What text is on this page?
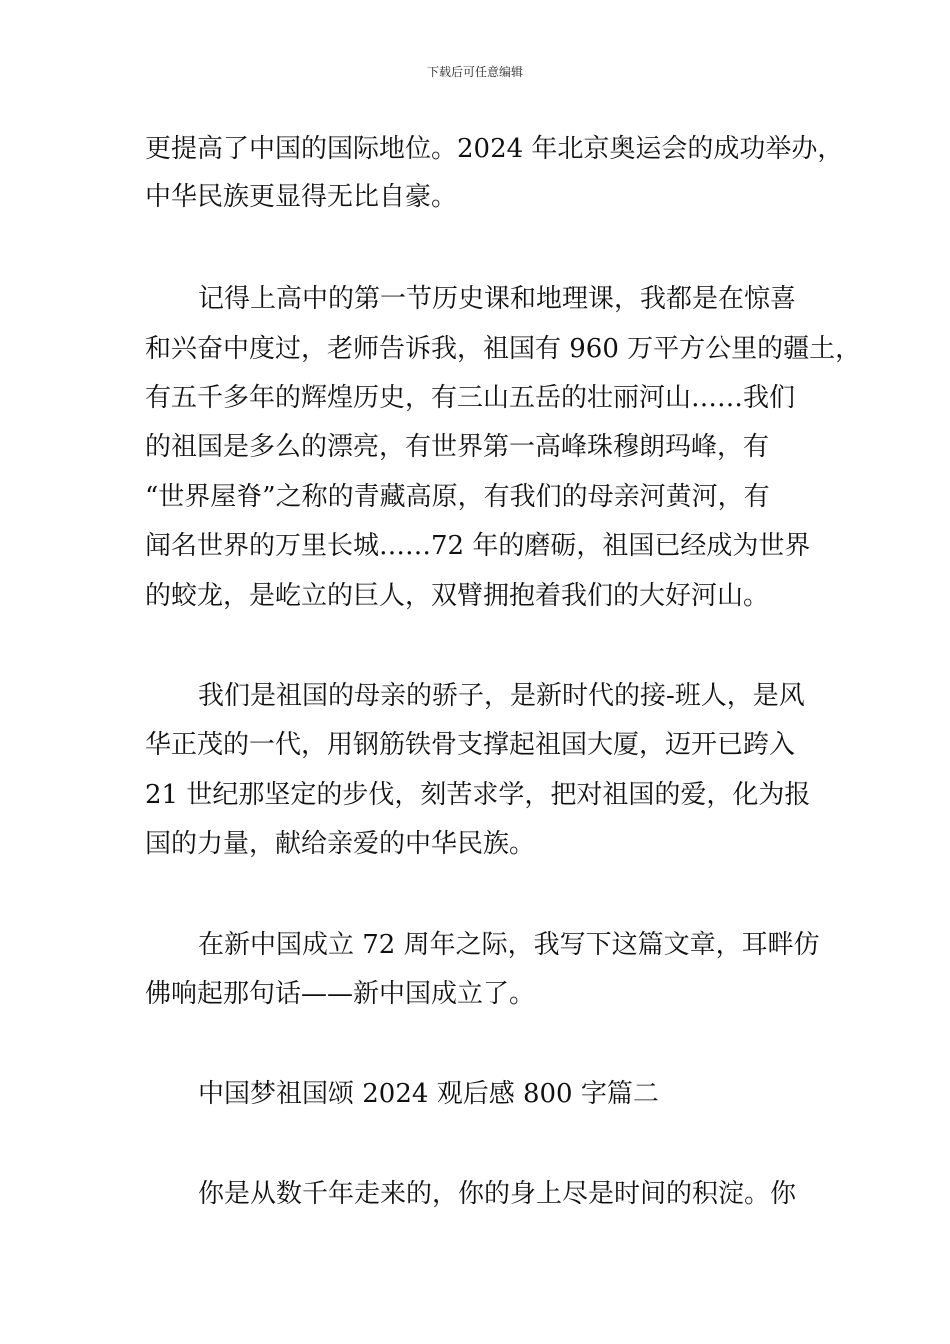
下载后可任意编辑
更提高了中国的国际地位。2024 年北京奥运会的成功举办，
中华民族更显得无比自豪。
记得上高中的第一节历史课和地理课，我都是在惊喜
和兴奋中度过，老师告诉我，祖国有 960 万平方公里的疆土，
有五千多年的辉煌历史，有三山五岳的壮丽河山……我们
的祖国是多么的漂亮，有世界第一高峰珠穆朗玛峰，有
“世界屋脊”之称的青藏高原，有我们的母亲河黄河，有
闻名世界的万里长城……72 年的磨砺，祖国已经成为世界
的蛟龙，是屹立的巨人，双臂拥抱着我们的大好河山。
我们是祖国的母亲的骄子，是新时代的接-班人，是风
华正茂的一代，用钢筋铁骨支撑起祖国大厦，迈开已跨入
21 世纪那坚定的步伐，刻苦求学，把对祖国的爱，化为报
国的力量，献给亲爱的中华民族。
在新中国成立 72 周年之际，我写下这篇文章，耳畔仿
佛响起那句话——新中国成立了。
中国梦祖国颂 2024 观后感 800 字篇二
你是从数千年走来的，你的身上尽是时间的积淀。你
